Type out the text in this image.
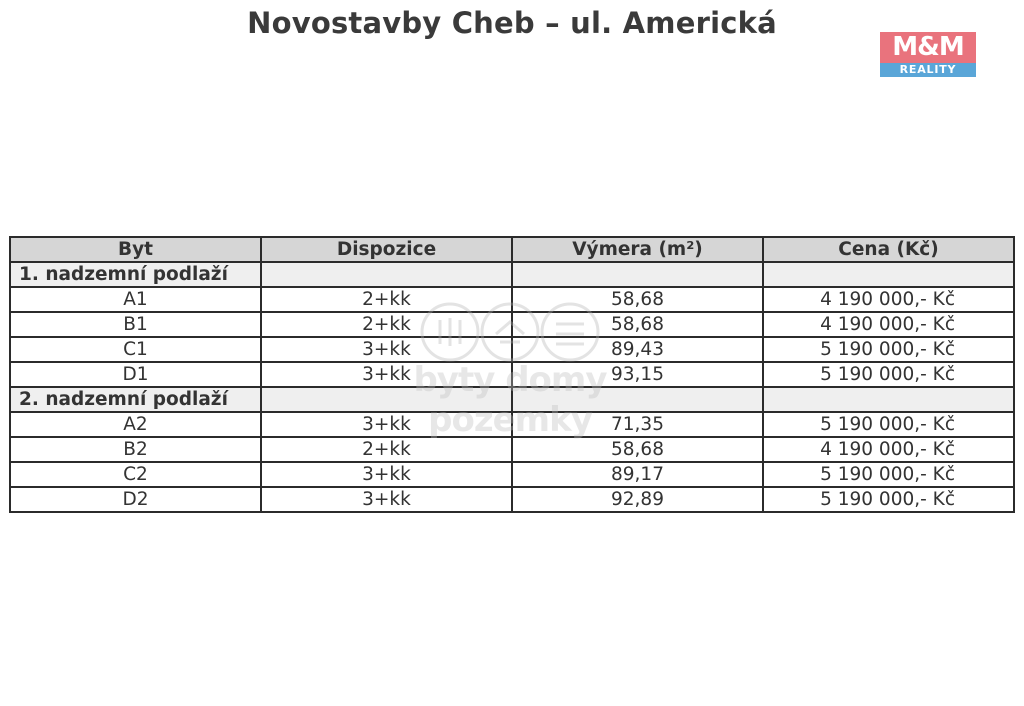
Novostavby Cheb – ul. Americká
M&M
REALITY
Byt	Dispozice	Výmera (m²)	Cena (Kč)
1. nadzemní podlaží			
A1	2+kk	58,68	4 190 000,- Kč
B1	2+kk	58,68	4 190 000,- Kč
C1	3+kk	89,43	5 190 000,- Kč
D1	3+kk	93,15	5 190 000,- Kč
2. nadzemní podlaží			
A2	3+kk	71,35	5 190 000,- Kč
B2	2+kk	58,68	4 190 000,- Kč
C2	3+kk	89,17	5 190 000,- Kč
D2	3+kk	92,89	5 190 000,- Kč
byty domy pozemky
